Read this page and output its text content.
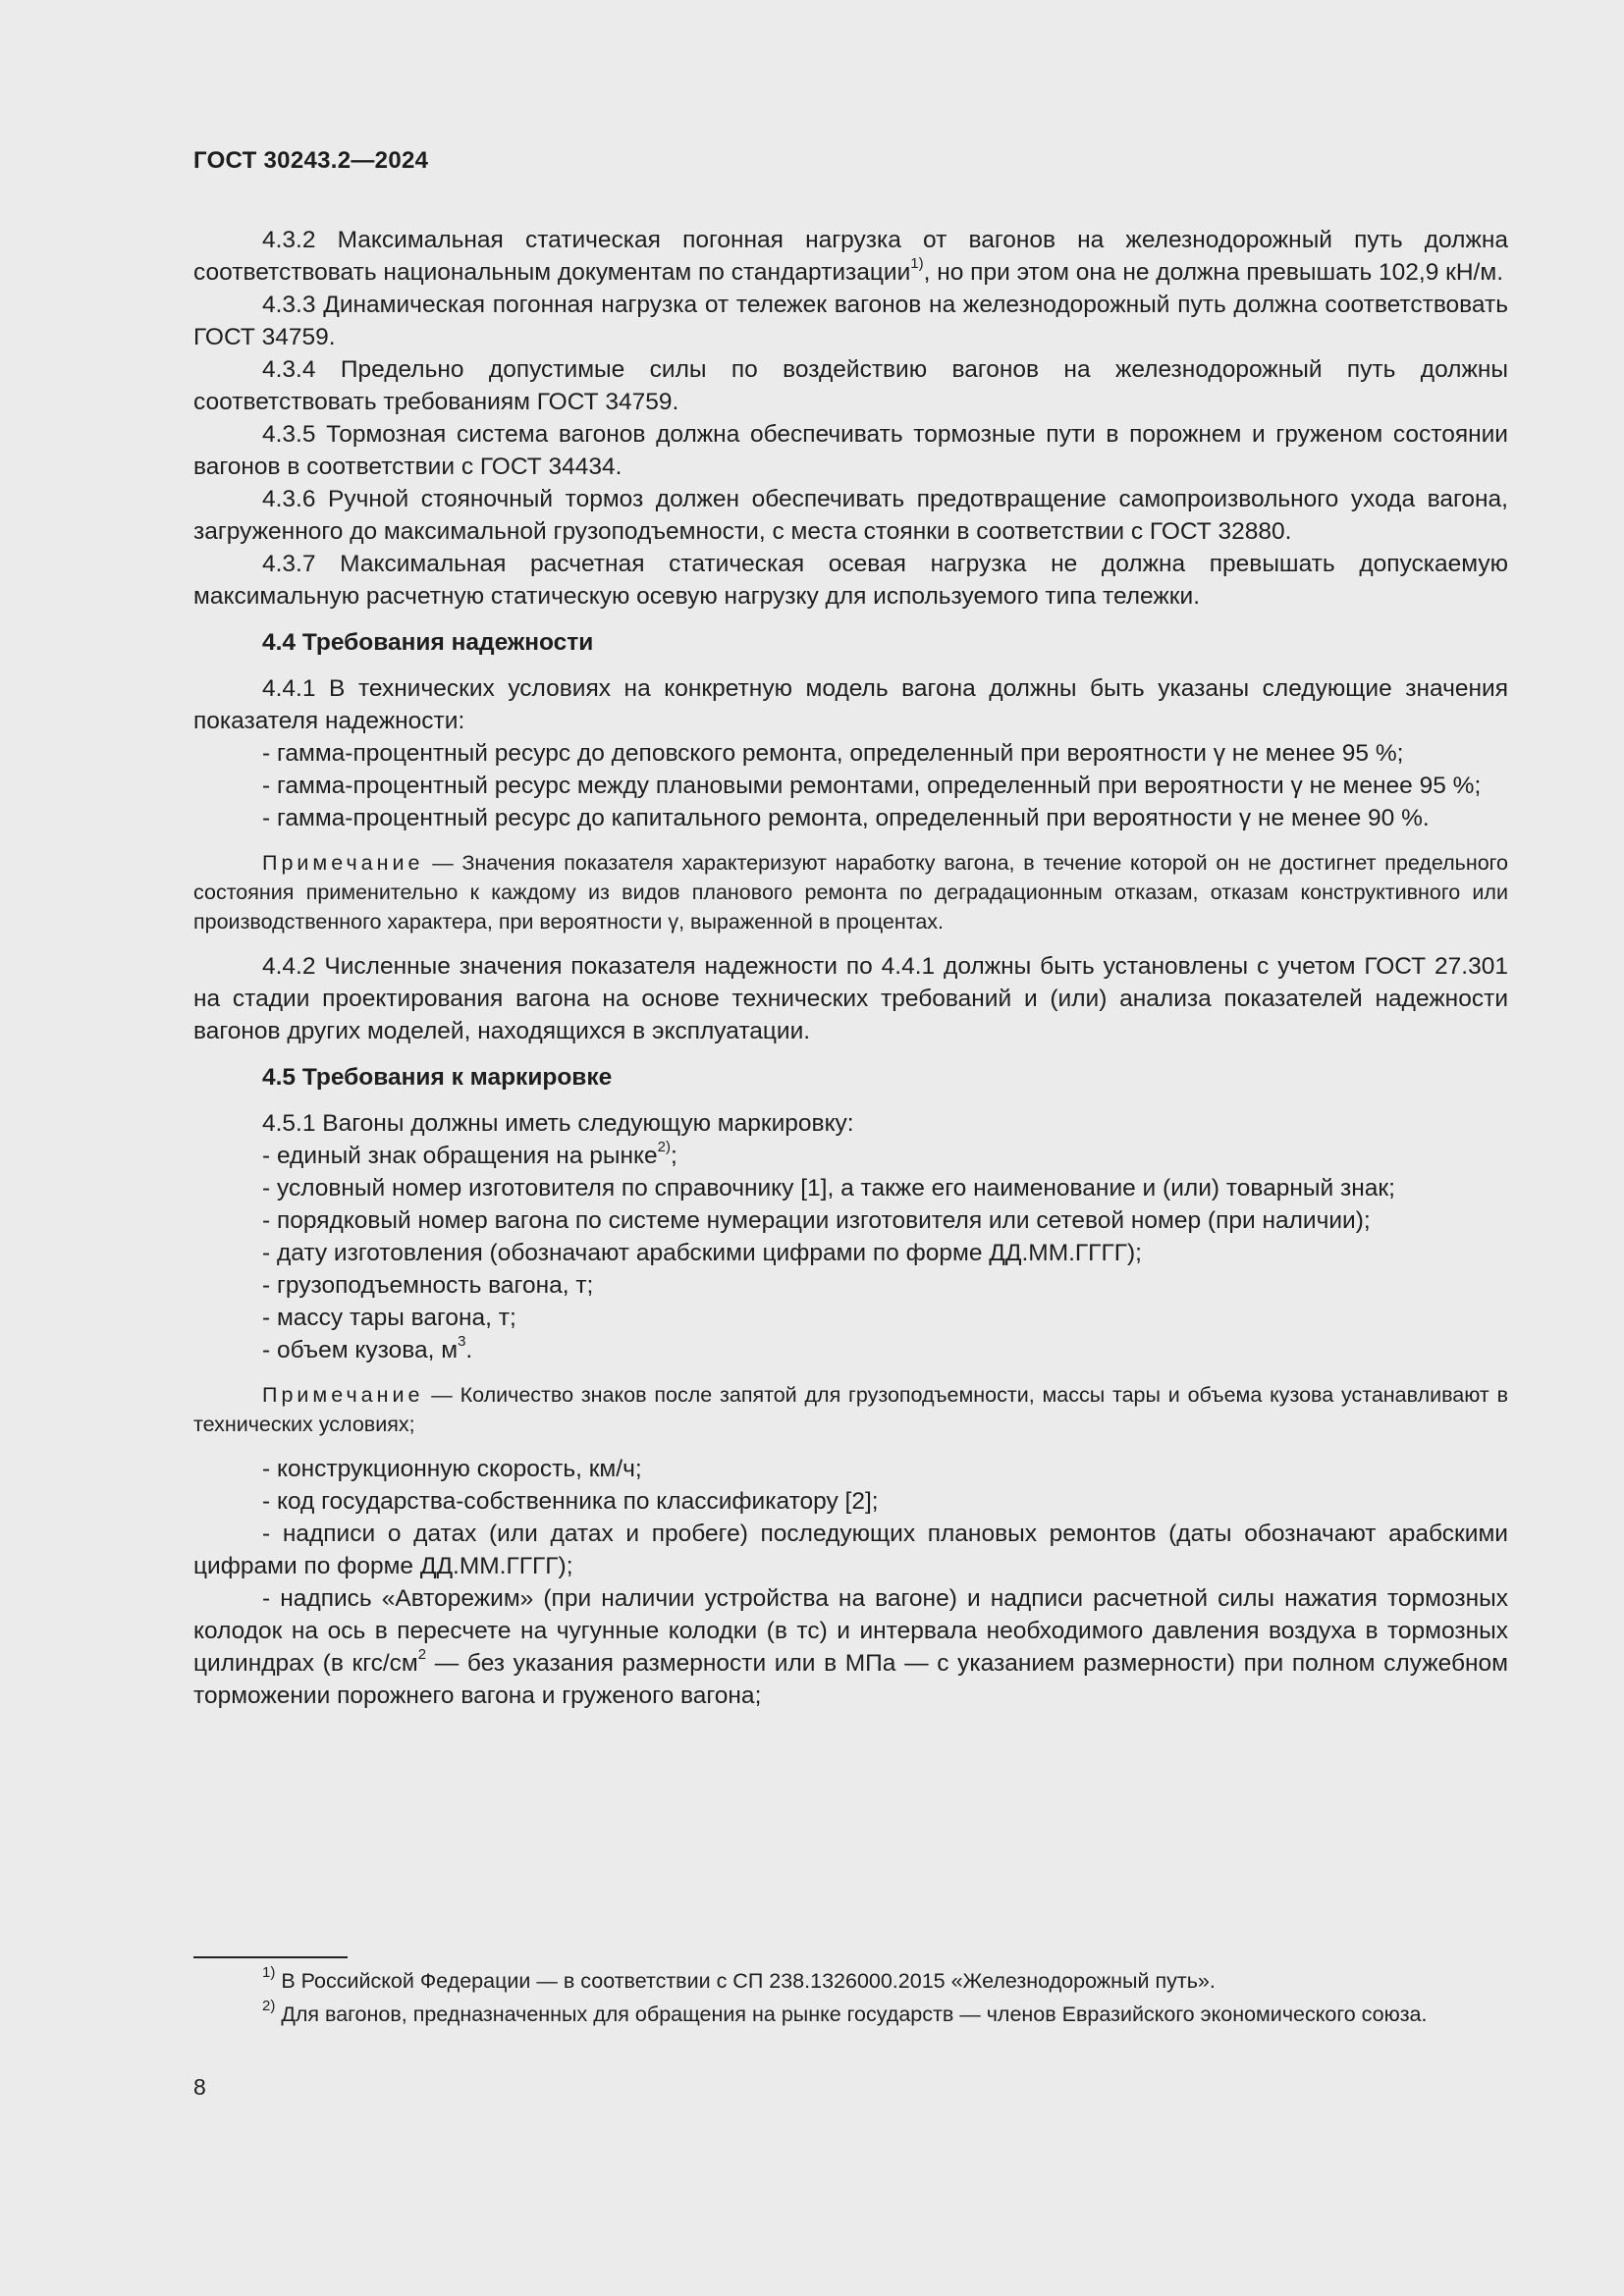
ГОСТ 30243.2—2024

4.3.2 Максимальная статическая погонная нагрузка от вагонов на железнодорожный путь должна соответствовать национальным документам по стандартизации$^{1)}$, но при этом она не должна превышать 102,9 кН/м.

4.3.3 Динамическая погонная нагрузка от тележек вагонов на железнодорожный путь должна соответствовать ГОСТ 34759.

4.3.4 Предельно допустимые силы по воздействию вагонов на железнодорожный путь должны соответствовать требованиям ГОСТ 34759.

4.3.5 Тормозная система вагонов должна обеспечивать тормозные пути в порожнем и груженом состоянии вагонов в соответствии с ГОСТ 34434.

4.3.6 Ручной стояночный тормоз должен обеспечивать предотвращение самопроизвольного ухода вагона, загруженного до максимальной грузоподъемности, с места стоянки в соответствии с ГОСТ 32880.

4.3.7 Максимальная расчетная статическая осевая нагрузка не должна превышать допускаемую максимальную расчетную статическую осевую нагрузку для используемого типа тележки.

4.4 Требования надежности

4.4.1 В технических условиях на конкретную модель вагона должны быть указаны следующие значения показателя надежности:

- гамма-процентный ресурс до деповского ремонта, определенный при вероятности γ не менее 95 %;

- гамма-процентный ресурс между плановыми ремонтами, определенный при вероятности γ не менее 95 %;

- гамма-процентный ресурс до капитального ремонта, определенный при вероятности γ не менее 90 %.

Примечание — Значения показателя характеризуют наработку вагона, в течение которой он не достигнет предельного состояния применительно к каждому из видов планового ремонта по деградационным отказам, отказам конструктивного или производственного характера, при вероятности γ, выраженной в процентах.

4.4.2 Численные значения показателя надежности по 4.4.1 должны быть установлены с учетом ГОСТ 27.301 на стадии проектирования вагона на основе технических требований и (или) анализа показателей надежности вагонов других моделей, находящихся в эксплуатации.

4.5 Требования к маркировке

4.5.1 Вагоны должны иметь следующую маркировку:

- единый знак обращения на рынке$^{2)}$;

- условный номер изготовителя по справочнику [1], а также его наименование и (или) товарный знак;

- порядковый номер вагона по системе нумерации изготовителя или сетевой номер (при наличии);

- дату изготовления (обозначают арабскими цифрами по форме ДД.ММ.ГГГГ);

- грузоподъемность вагона, т;

- массу тары вагона, т;

- объем кузова, $м^3$.

Примечание — Количество знаков после запятой для грузоподъемности, массы тары и объема кузова устанавливают в технических условиях;

- конструкционную скорость, км/ч;

- код государства-собственника по классификатору [2];

- надписи о датах (или датах и пробеге) последующих плановых ремонтов (даты обозначают арабскими цифрами по форме ДД.ММ.ГГГГ);

- надпись «Авторежим» (при наличии устройства на вагоне) и надписи расчетной силы нажатия тормозных колодок на ось в пересчете на чугунные колодки (в тс) и интервала необходимого давления воздуха в тормозных цилиндрах (в кгс/$см^2$ — без указания размерности или в МПа — с указанием размерности) при полном служебном торможении порожнего вагона и груженого вагона;

$^{1)}$ В Российской Федерации — в соответствии с СП 238.1326000.2015 «Железнодорожный путь».

$^{2)}$ Для вагонов, предназначенных для обращения на рынке государств — членов Евразийского экономического союза.

8
